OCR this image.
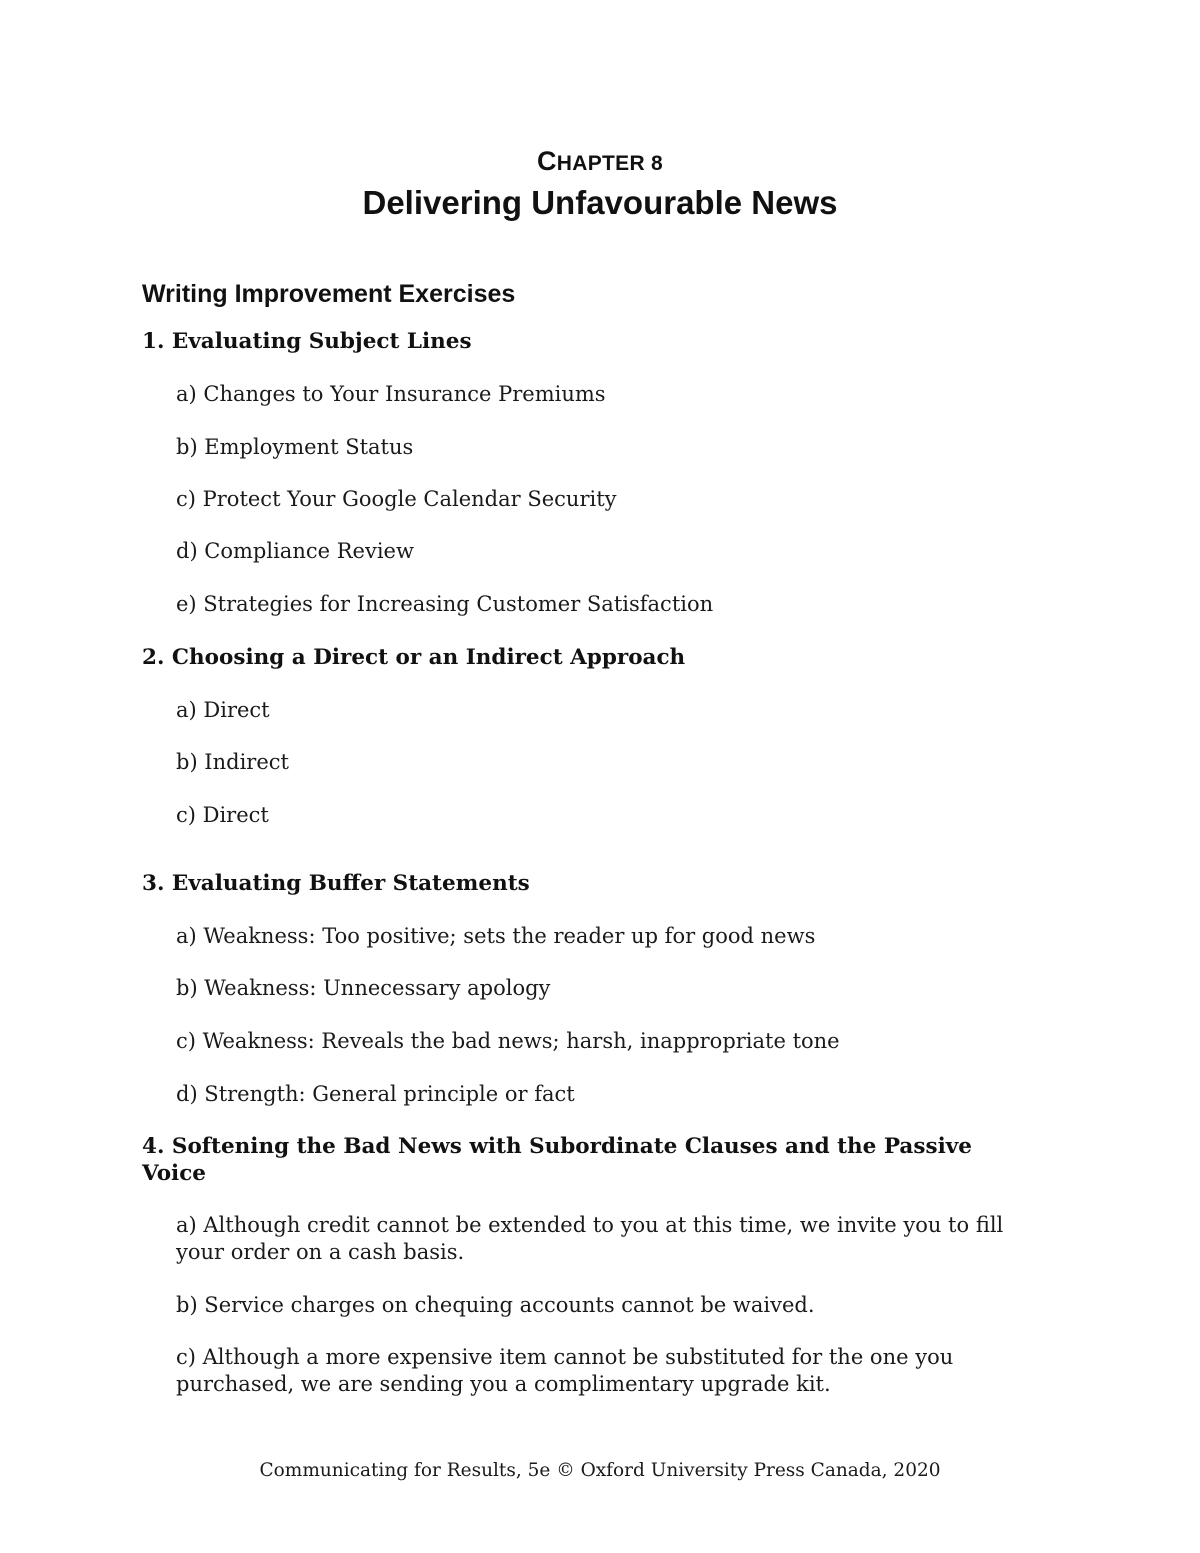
CHAPTER 8
Delivering Unfavourable News
Writing Improvement Exercises
1. Evaluating Subject Lines
a) Changes to Your Insurance Premiums
b) Employment Status
c) Protect Your Google Calendar Security
d) Compliance Review
e) Strategies for Increasing Customer Satisfaction
2. Choosing a Direct or an Indirect Approach
a) Direct
b) Indirect
c) Direct
3. Evaluating Buffer Statements
a) Weakness: Too positive; sets the reader up for good news
b) Weakness: Unnecessary apology
c) Weakness: Reveals the bad news; harsh, inappropriate tone
d) Strength: General principle or fact
4. Softening the Bad News with Subordinate Clauses and the Passive Voice
a) Although credit cannot be extended to you at this time, we invite you to fill your order on a cash basis.
b) Service charges on chequing accounts cannot be waived.
c) Although a more expensive item cannot be substituted for the one you purchased, we are sending you a complimentary upgrade kit.
Communicating for Results, 5e © Oxford University Press Canada, 2020
